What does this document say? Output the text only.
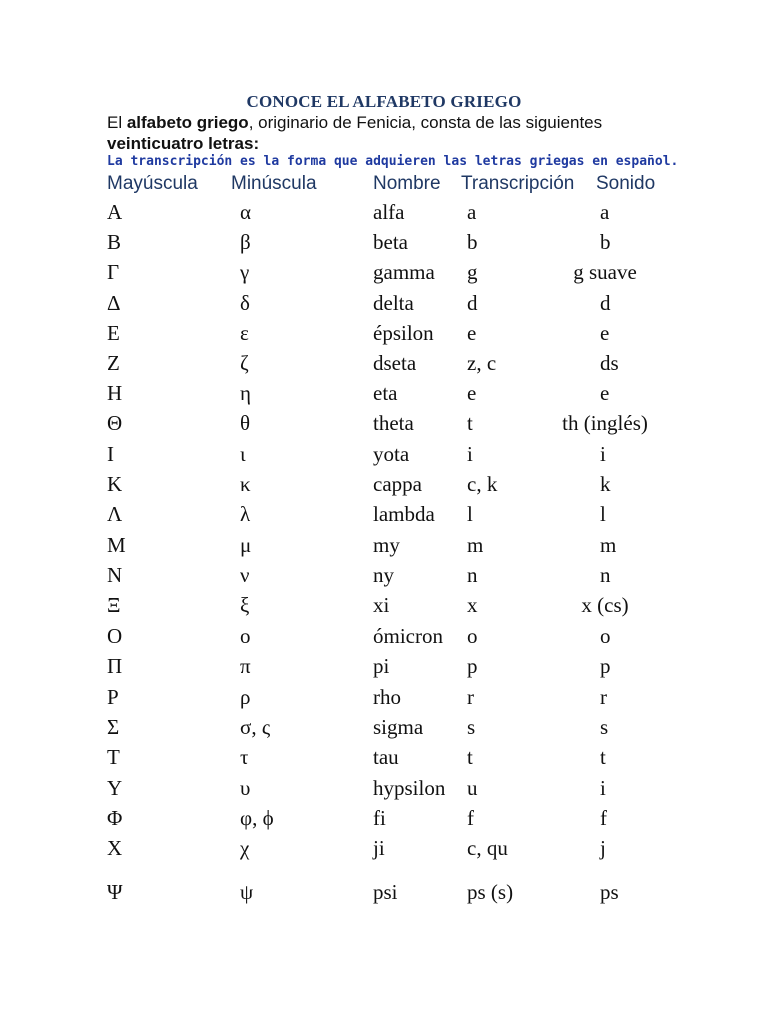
CONOCE EL ALFABETO GRIEGO
El alfabeto griego, originario de Fenicia, consta de las siguientes veinticuatro letras:
La transcripción es la forma que adquieren las letras griegas en español.
Mayúscula Minúscula	Nombre Transcripción Sonido
Α	α	alfa	a	a
Β	β	beta	b	b
Γ	γ	gamma g	g suave
Δ	δ	delta	d	d
Ε	ε	épsilon e	e
Ζ	ζ	dseta z, c	ds
Η	η	eta	e	e
Θ	θ	theta	t	th (inglés)
Ι	ι	yota	i	i
Κ	κ	cappa c, k	k
Λ	λ	lambda l	l
Μ	μ	my	m	m
Ν	ν	ny	n	n
Ξ	ξ	xi	x	x (cs)
Ο	ο	ómicron o	o
Π	π	pi	p	p
Ρ	ρ	rho	r	r
Σ	σ, ς	sigma s	s
Τ	τ	tau	t	t
Υ	υ	hypsilon u	i
Φ	φ, ϕ	fi	f	f
Χ	χ	ji	c, qu	j
Ψ	ψ	psi	ps (s)	ps
